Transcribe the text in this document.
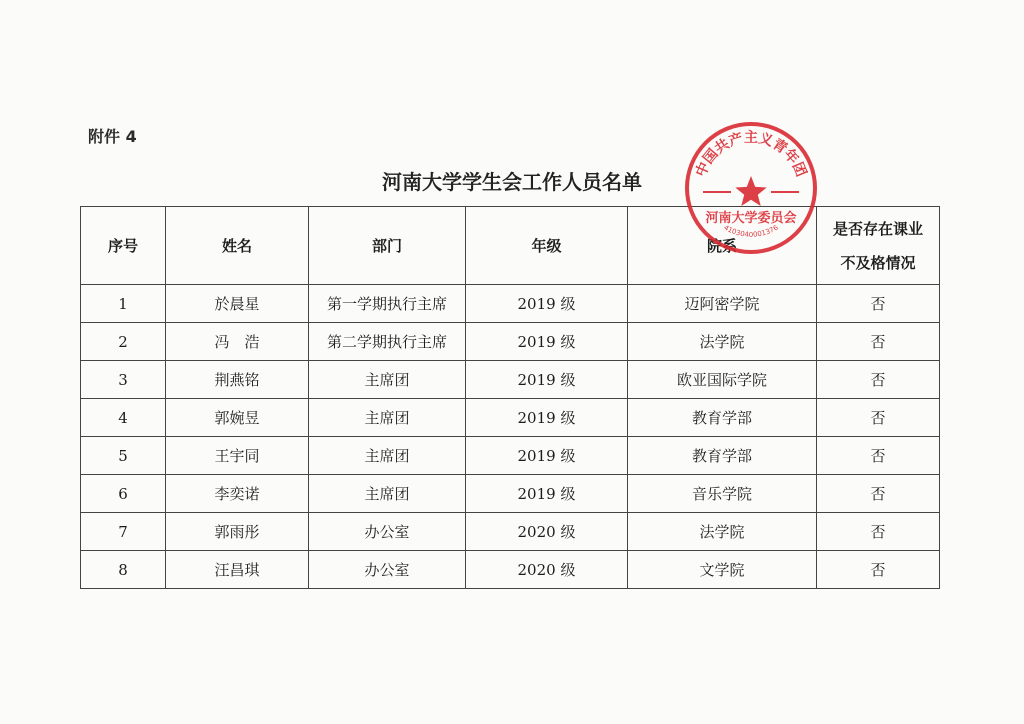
附件 4
河南大学学生会工作人员名单
序号	姓名	部门	年级	院系	是否存在课业
不及格情况

1	於晨星	第一学期执行主席	2019 级	迈阿密学院	否
2	冯　浩	第二学期执行主席	2019 级	法学院	否
3	荆燕铭	主席团	2019 级	欧亚国际学院	否
4	郭婉昱	主席团	2019 级	教育学部	否
5	王宇同	主席团	2019 级	教育学部	否
6	李奕诺	主席团	2019 级	音乐学院	否
7	郭雨彤	办公室	2020 级	法学院	否
8	汪昌琪	办公室	2020 级	文学院	否
中国共产主义青年团
河南大学委员会
4103040001376
